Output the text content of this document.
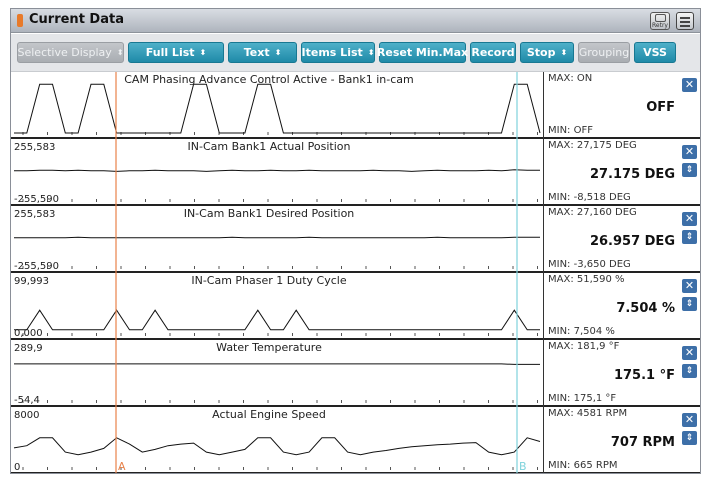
Current Data	Retry
Selective Display ⬍ Full List ⬍	Text ⬍ Items List ⬍ Reset Min.Max Record Stop ⬍ Grouping VSS
CAM Phasing Advance Control Active - Bank1 in-cam
IN-Cam Bank1 Actual Position
255,583
-255,590
IN-Cam Bank1 Desired Position
255,583
-255,590
IN-Cam Phaser 1 Duty Cycle
99,993
0,000
Water Temperature
289,9
-54,4
Actual Engine Speed
8000
0	A	B
MAX: ON
OFF
MIN: OFF
✕
MAX: 27,175 DEG
27.175 DEG
MIN: -8,518 DEG
✕
⇕
MAX: 27,160 DEG
26.957 DEG
MIN: -3,650 DEG
✕
⇕
MAX: 51,590 %
7.504 %
MIN: 7,504 %
✕
⇕
MAX: 181,9 °F
175.1 °F
MIN: 175,1 °F
✕
⇕
MAX: 4581 RPM
707 RPM
MIN: 665 RPM
✕
⇕
